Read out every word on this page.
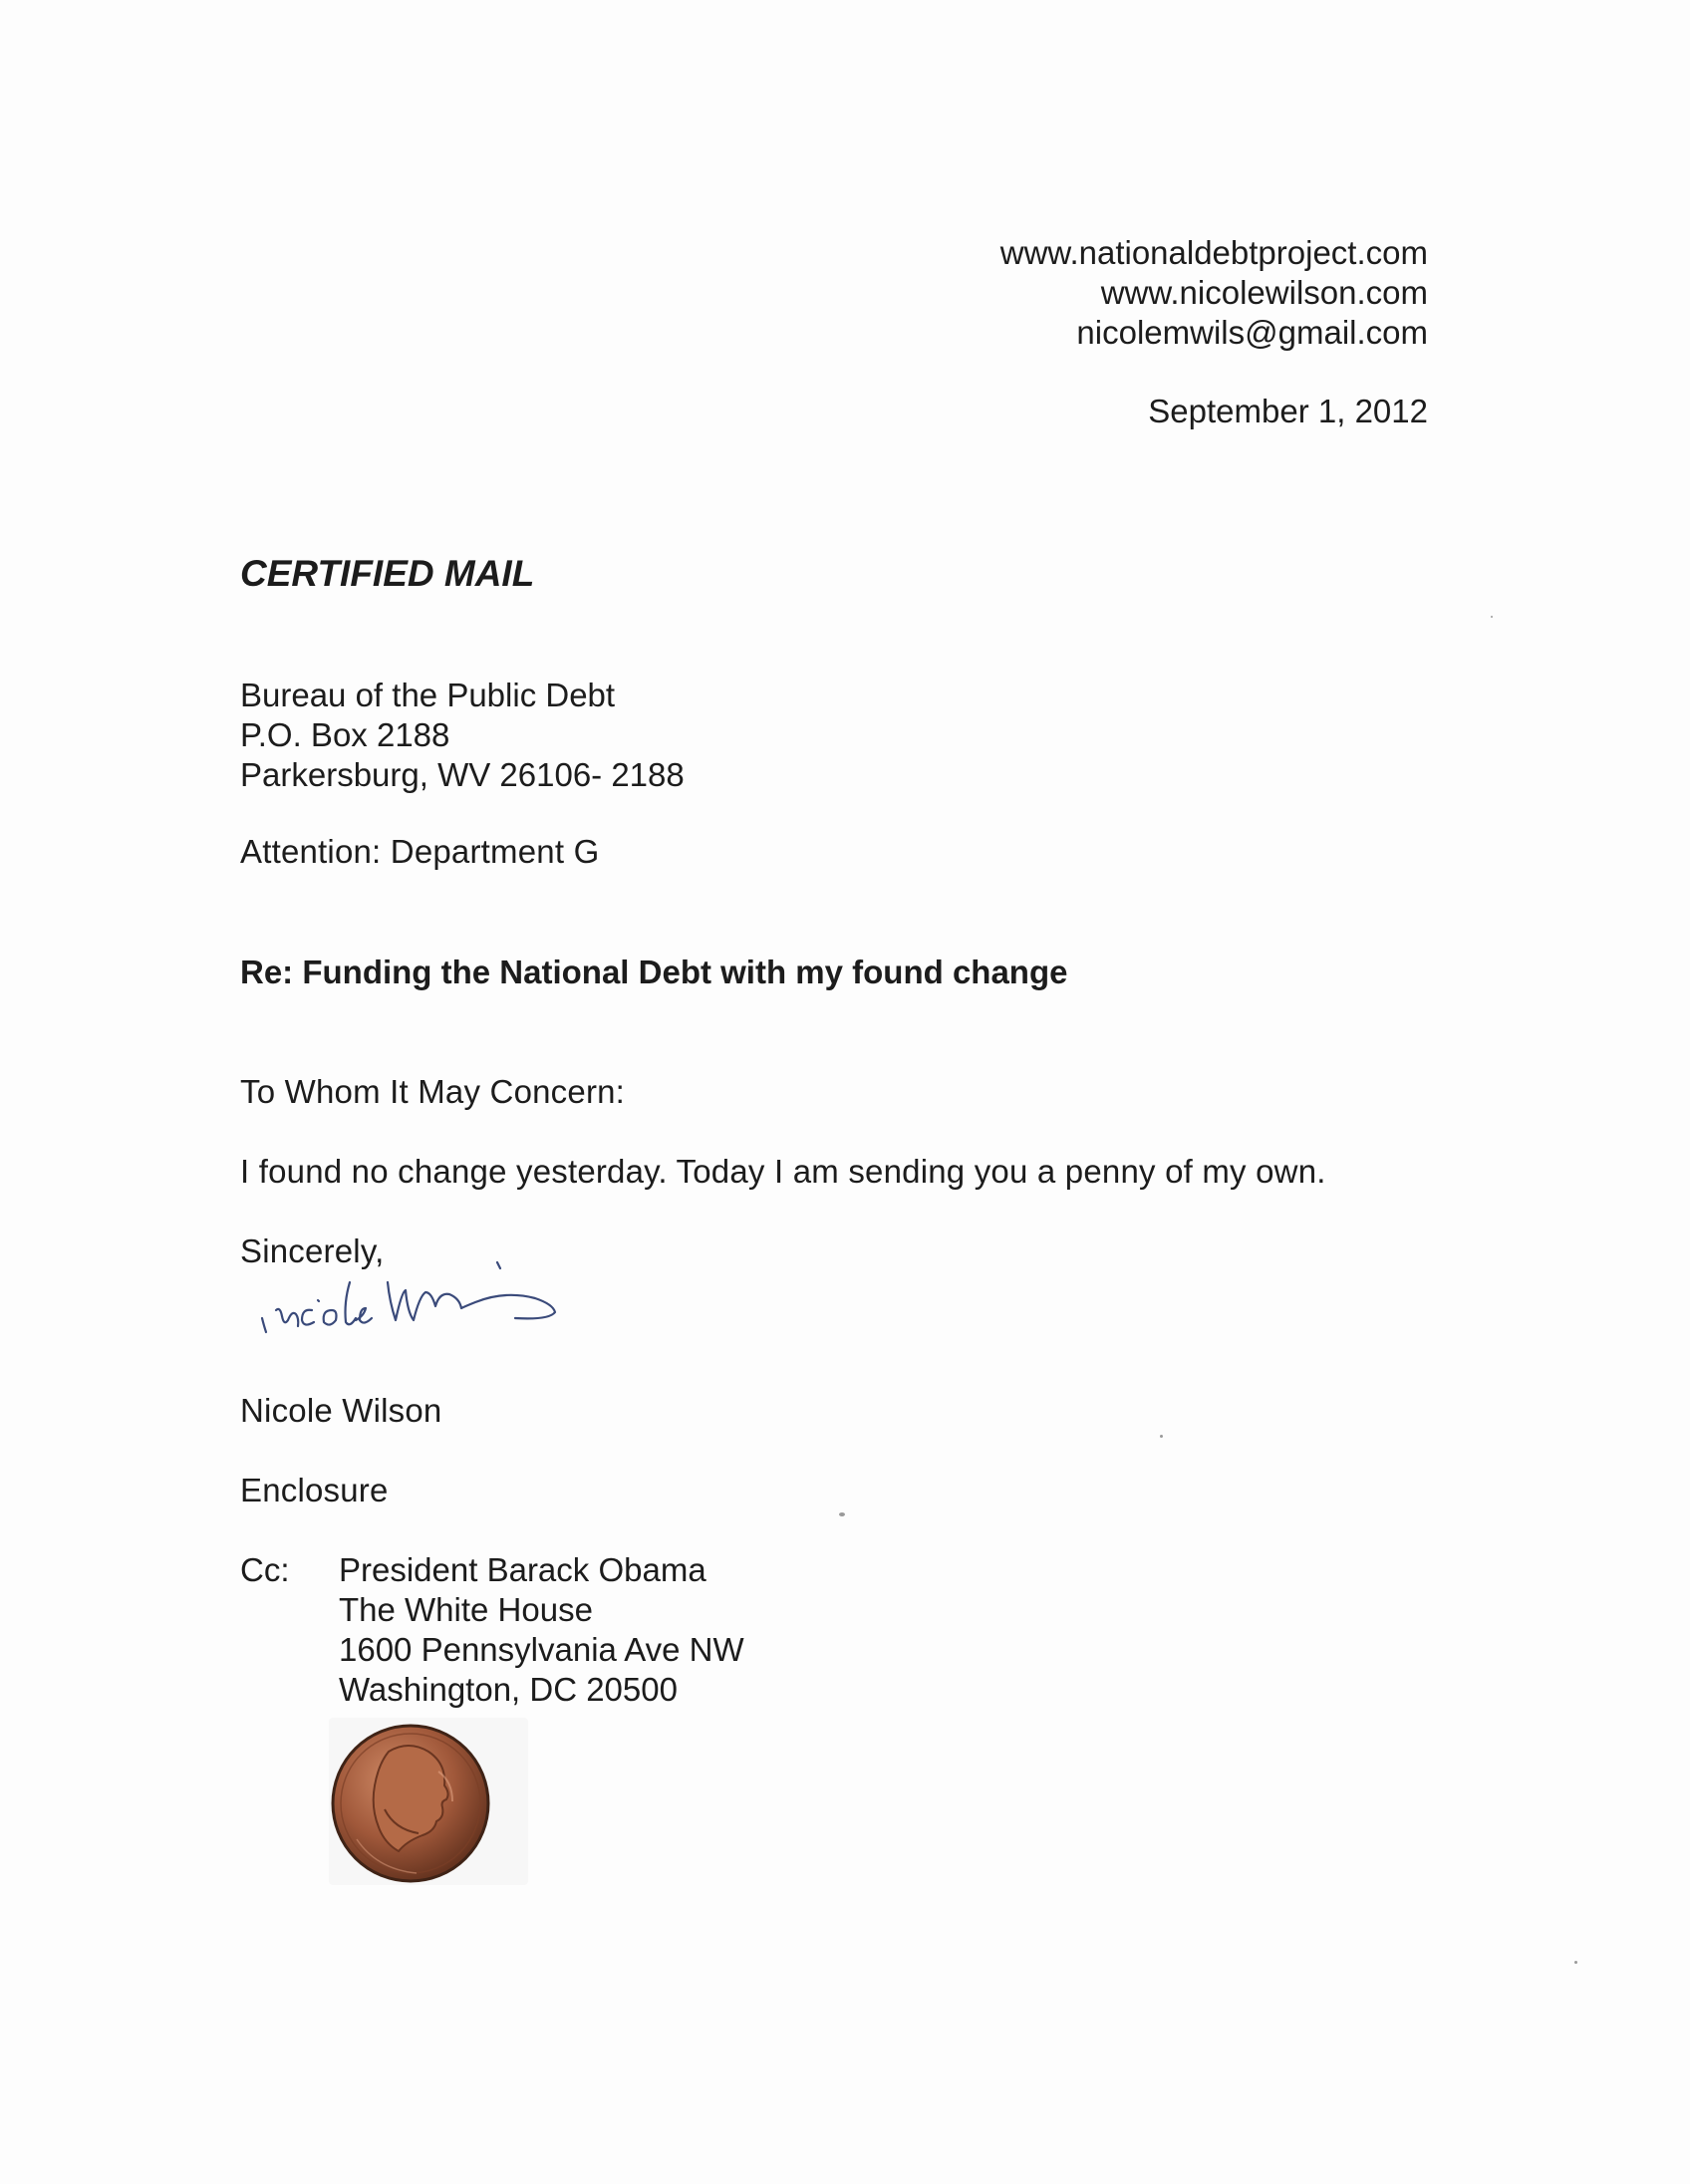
www.nationaldebtproject.com
www.nicolewilson.com
nicolemwils@gmail.com
September 1, 2012
CERTIFIED MAIL
Bureau of the Public Debt
P.O. Box 2188
Parkersburg, WV 26106- 2188
Attention: Department G
Re: Funding the National Debt with my found change
To Whom It May Concern:
I found no change yesterday. Today I am sending you a penny of my own.
Sincerely,
Nicole Wilson
Enclosure
Cc: President Barack Obama
The White House
1600 Pennsylvania Ave NW
Washington, DC 20500
